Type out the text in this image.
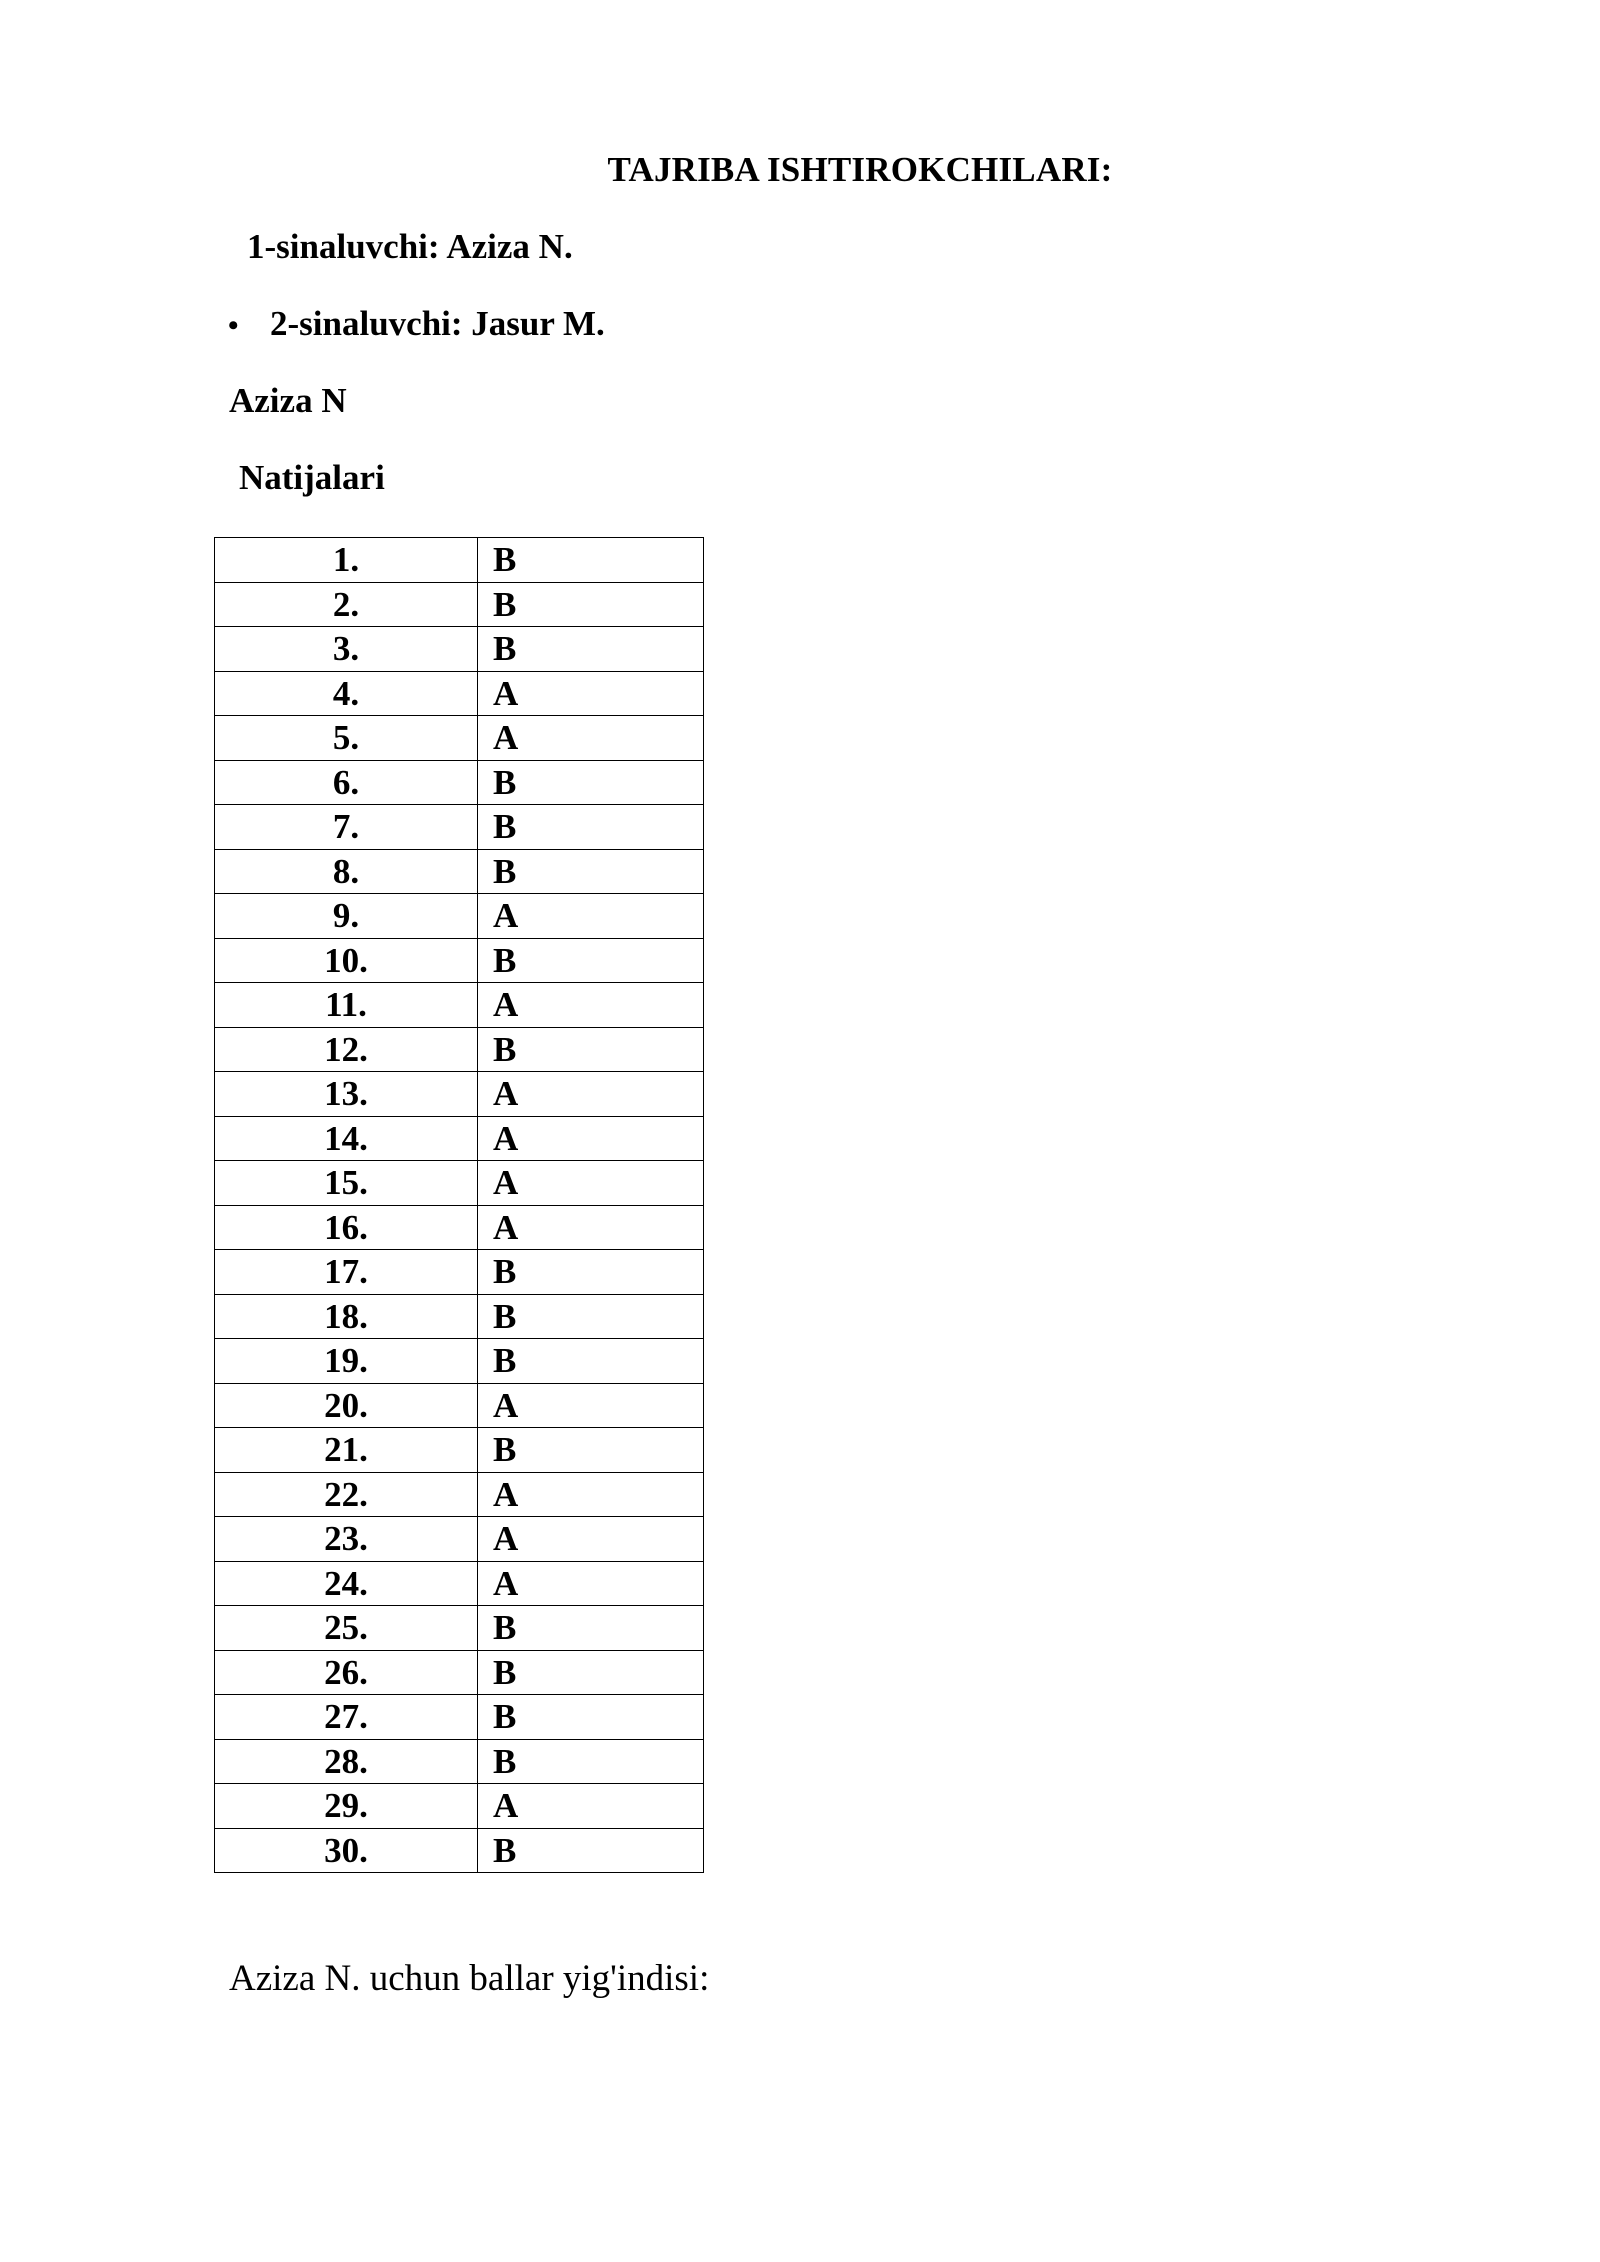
TAJRIBA ISHTIROKCHILARI:
1-sinaluvchi: Aziza N.
• 2-sinaluvchi: Jasur M.
Aziza N
Natijalari
1.	B
2.	B
3.	B
4.	A
5.	A
6.	B
7.	B
8.	B
9.	A
10.	B
11.	A
12.	B
13.	A
14.	A
15.	A
16.	A
17.	B
18.	B
19.	B
20.	A
21.	B
22.	A
23.	A
24.	A
25.	B
26.	B
27.	B
28.	B
29.	A
30.	B
Aziza N. uchun ballar yig'indisi:
